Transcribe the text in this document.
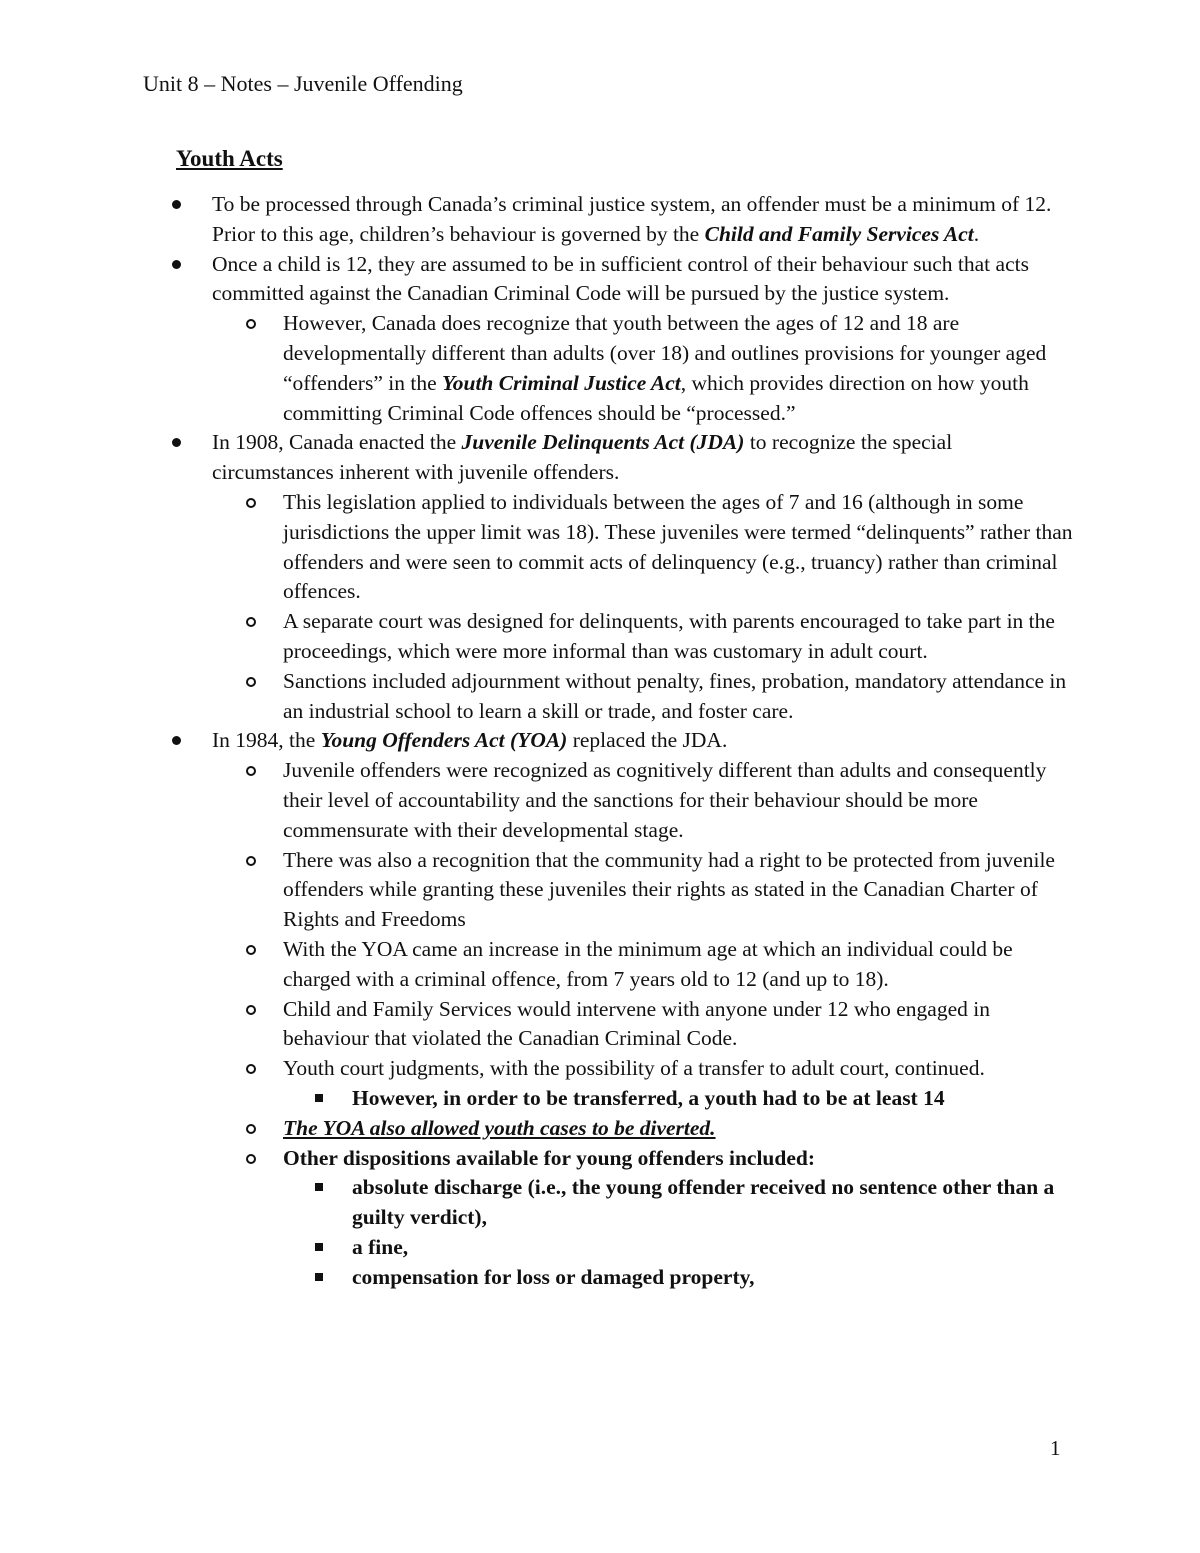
Unit 8 – Notes – Juvenile Offending
Youth Acts
To be processed through Canada’s criminal justice system, an offender must be a minimum of 12. Prior to this age, children’s behaviour is governed by the Child and Family Services Act.
Once a child is 12, they are assumed to be in sufficient control of their behaviour such that acts committed against the Canadian Criminal Code will be pursued by the justice system.
However, Canada does recognize that youth between the ages of 12 and 18 are developmentally different than adults (over 18) and outlines provisions for younger aged “offenders” in the Youth Criminal Justice Act, which provides direction on how youth committing Criminal Code offences should be “processed.”
In 1908, Canada enacted the Juvenile Delinquents Act (JDA) to recognize the special circumstances inherent with juvenile offenders.
This legislation applied to individuals between the ages of 7 and 16 (although in some jurisdictions the upper limit was 18). These juveniles were termed “delinquents” rather than offenders and were seen to commit acts of delinquency (e.g., truancy) rather than criminal offences.
A separate court was designed for delinquents, with parents encouraged to take part in the proceedings, which were more informal than was customary in adult court.
Sanctions included adjournment without penalty, fines, probation, mandatory attendance in an industrial school to learn a skill or trade, and foster care.
In 1984, the Young Offenders Act (YOA) replaced the JDA.
Juvenile offenders were recognized as cognitively different than adults and consequently their level of accountability and the sanctions for their behaviour should be more commensurate with their developmental stage.
There was also a recognition that the community had a right to be protected from juvenile offenders while granting these juveniles their rights as stated in the Canadian Charter of Rights and Freedoms
With the YOA came an increase in the minimum age at which an individual could be charged with a criminal offence, from 7 years old to 12 (and up to 18).
Child and Family Services would intervene with anyone under 12 who engaged in behaviour that violated the Canadian Criminal Code.
Youth court judgments, with the possibility of a transfer to adult court, continued.
However, in order to be transferred, a youth had to be at least 14
The YOA also allowed youth cases to be diverted.
Other dispositions available for young offenders included:
absolute discharge (i.e., the young offender received no sentence other than a guilty verdict),
a fine,
compensation for loss or damaged property,
1
